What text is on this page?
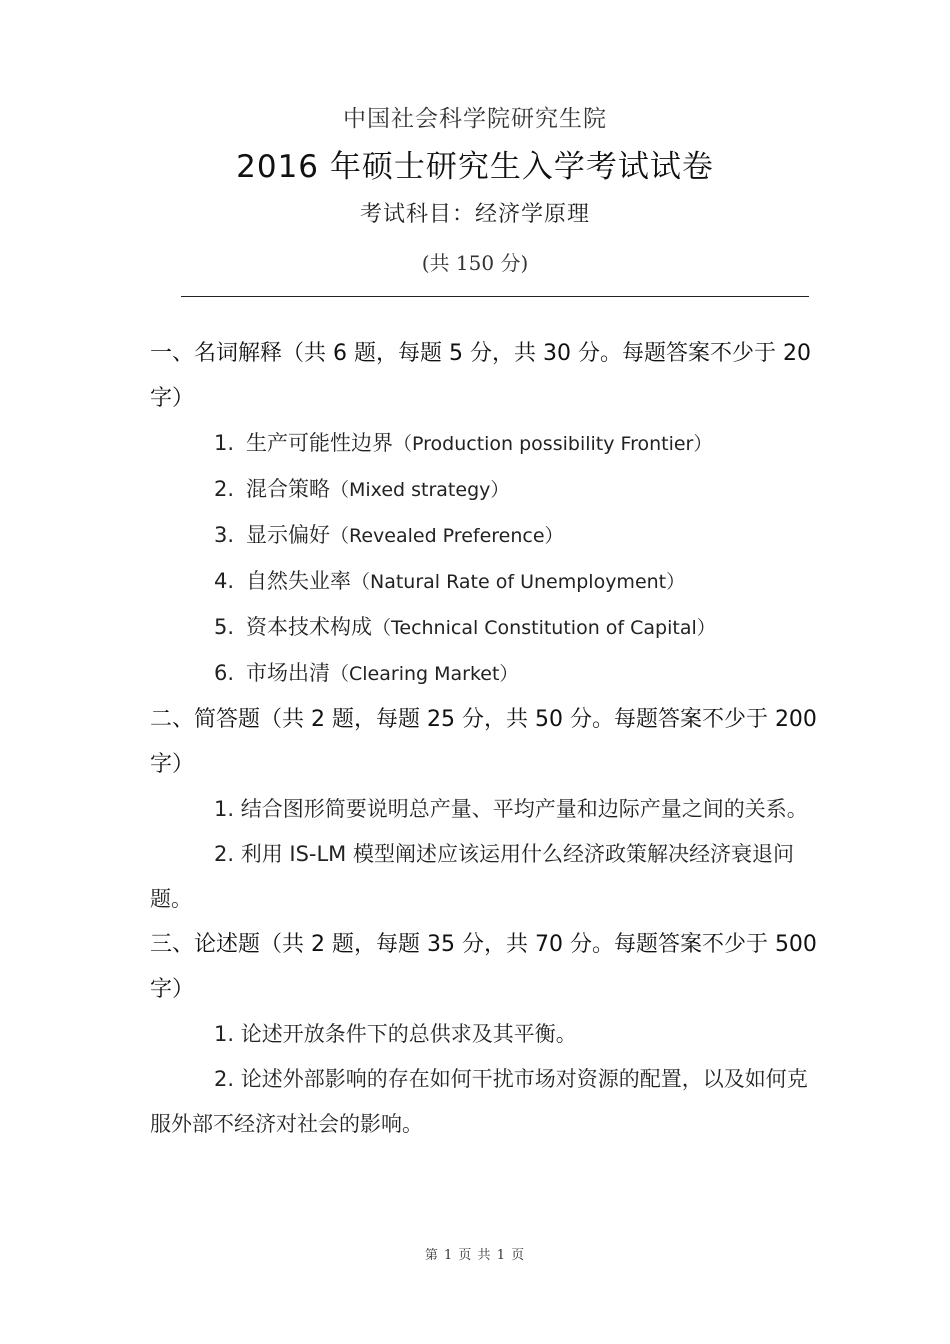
中国社会科学院研究生院
2016 年硕士研究生入学考试试卷
考试科目：经济学原理
(共 150 分)

一、名词解释（共 6 题，每题 5 分，共 30 分。每题答案不少于 20 字）

1. 生产可能性边界（Production possibility Frontier）

2. 混合策略（Mixed strategy）

3. 显示偏好（Revealed Preference）

4. 自然失业率（Natural Rate of Unemployment）

5. 资本技术构成（Technical Constitution of Capital）

6. 市场出清（Clearing Market）

二、简答题（共 2 题，每题 25 分，共 50 分。每题答案不少于 200 字）

1. 结合图形简要说明总产量、平均产量和边际产量之间的关系。

2. 利用 IS-LM 模型阐述应该运用什么经济政策解决经济衰退问题。

三、论述题（共 2 题，每题 35 分，共 70 分。每题答案不少于 500 字）

1. 论述开放条件下的总供求及其平衡。

2. 论述外部影响的存在如何干扰市场对资源的配置，以及如何克服外部不经济对社会的影响。

第 1 页 共 1 页
